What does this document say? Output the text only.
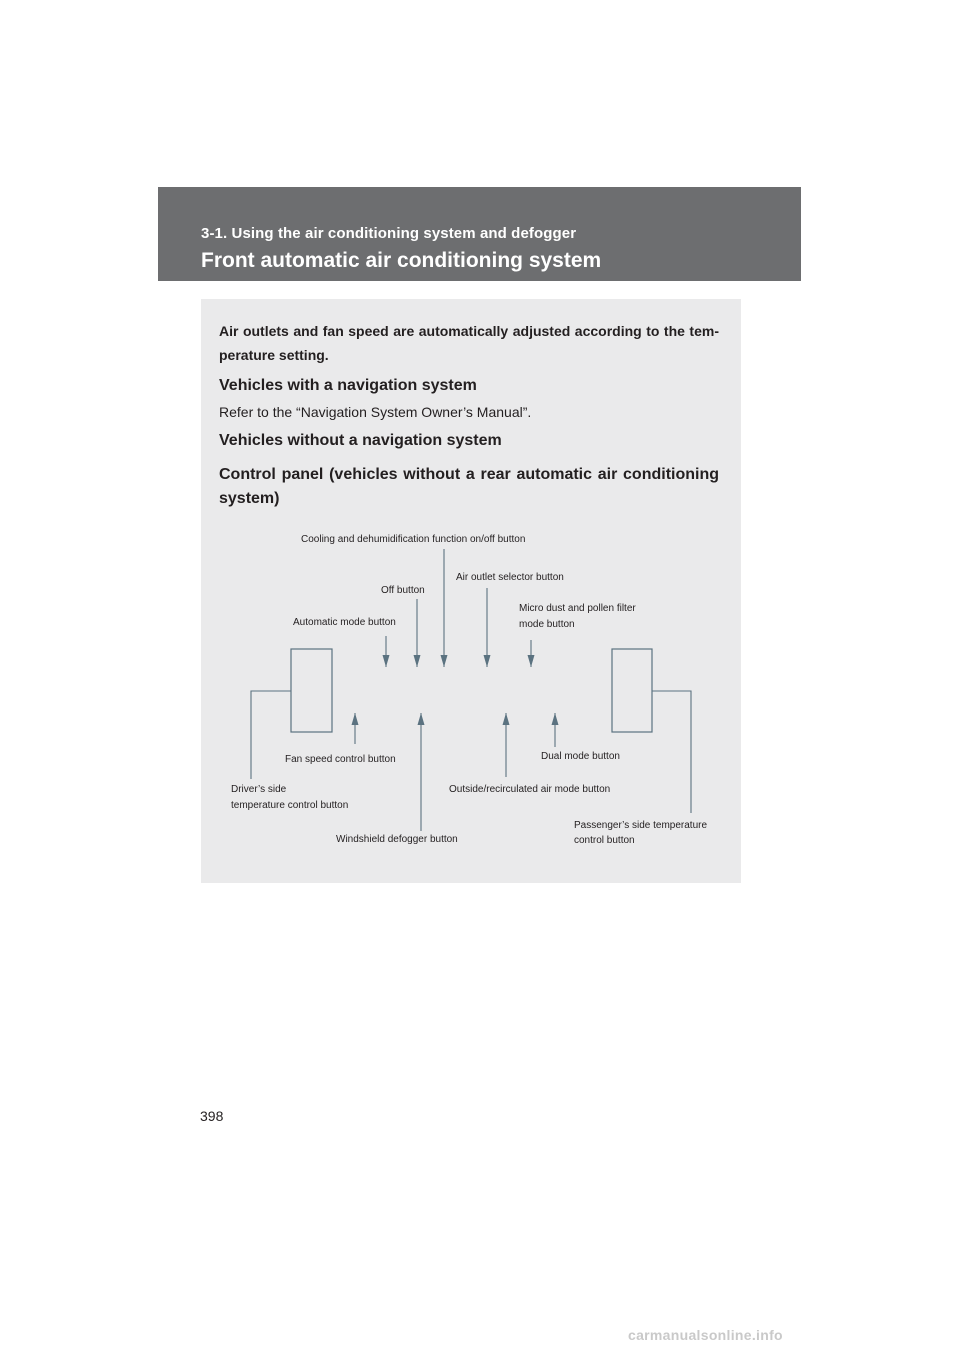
3-1. Using the air conditioning system and defogger
Front automatic air conditioning system
Air outlets and fan speed are automatically adjusted according to the tem-perature setting.
Vehicles with a navigation system
Refer to the “Navigation System Owner’s Manual”.
Vehicles without a navigation system
Control panel (vehicles without a rear automatic air conditioning system)
Cooling and dehumidification function on/off button
Air outlet selector button
Off button
Micro dust and pollen filter
mode button
Automatic mode button
Dual mode button
Fan speed control button
Outside/recirculated air mode button
Driver’s side
temperature control button
Passenger’s side temperature
control button
Windshield defogger button
398
carmanualsonline.info
